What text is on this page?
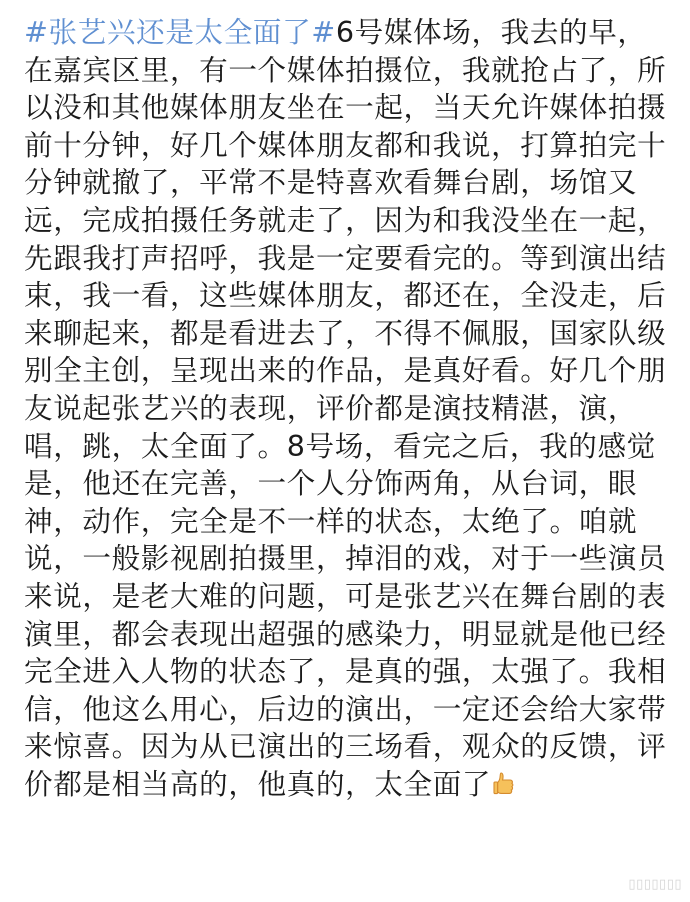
#张艺兴还是太全面了#6号媒体场，我去的早，在嘉宾区里，有一个媒体拍摄位，我就抢占了，所以没和其他媒体朋友坐在一起，当天允许媒体拍摄前十分钟，好几个媒体朋友都和我说，打算拍完十分钟就撤了，平常不是特喜欢看舞台剧，场馆又远，完成拍摄任务就走了，因为和我没坐在一起，先跟我打声招呼，我是一定要看完的。等到演出结束，我一看，这些媒体朋友，都还在，全没走，后来聊起来，都是看进去了，不得不佩服，国家队级别全主创，呈现出来的作品，是真好看。好几个朋友说起张艺兴的表现，评价都是演技精湛，演，唱，跳，太全面了。8号场，看完之后，我的感觉是，他还在完善，一个人分饰两角，从台词，眼神，动作，完全是不一样的状态，太绝了。咱就说，一般影视剧拍摄里，掉泪的戏，对于一些演员来说，是老大难的问题，可是张艺兴在舞台剧的表演里，都会表现出超强的感染力，明显就是他已经完全进入人物的状态了，是真的强，太强了。我相信，他这么用心，后边的演出，一定还会给大家带来惊喜。因为从已演出的三场看，观众的反馈，评价都是相当高的，他真的，太全面了
▯▯▯▯▯▯▯
